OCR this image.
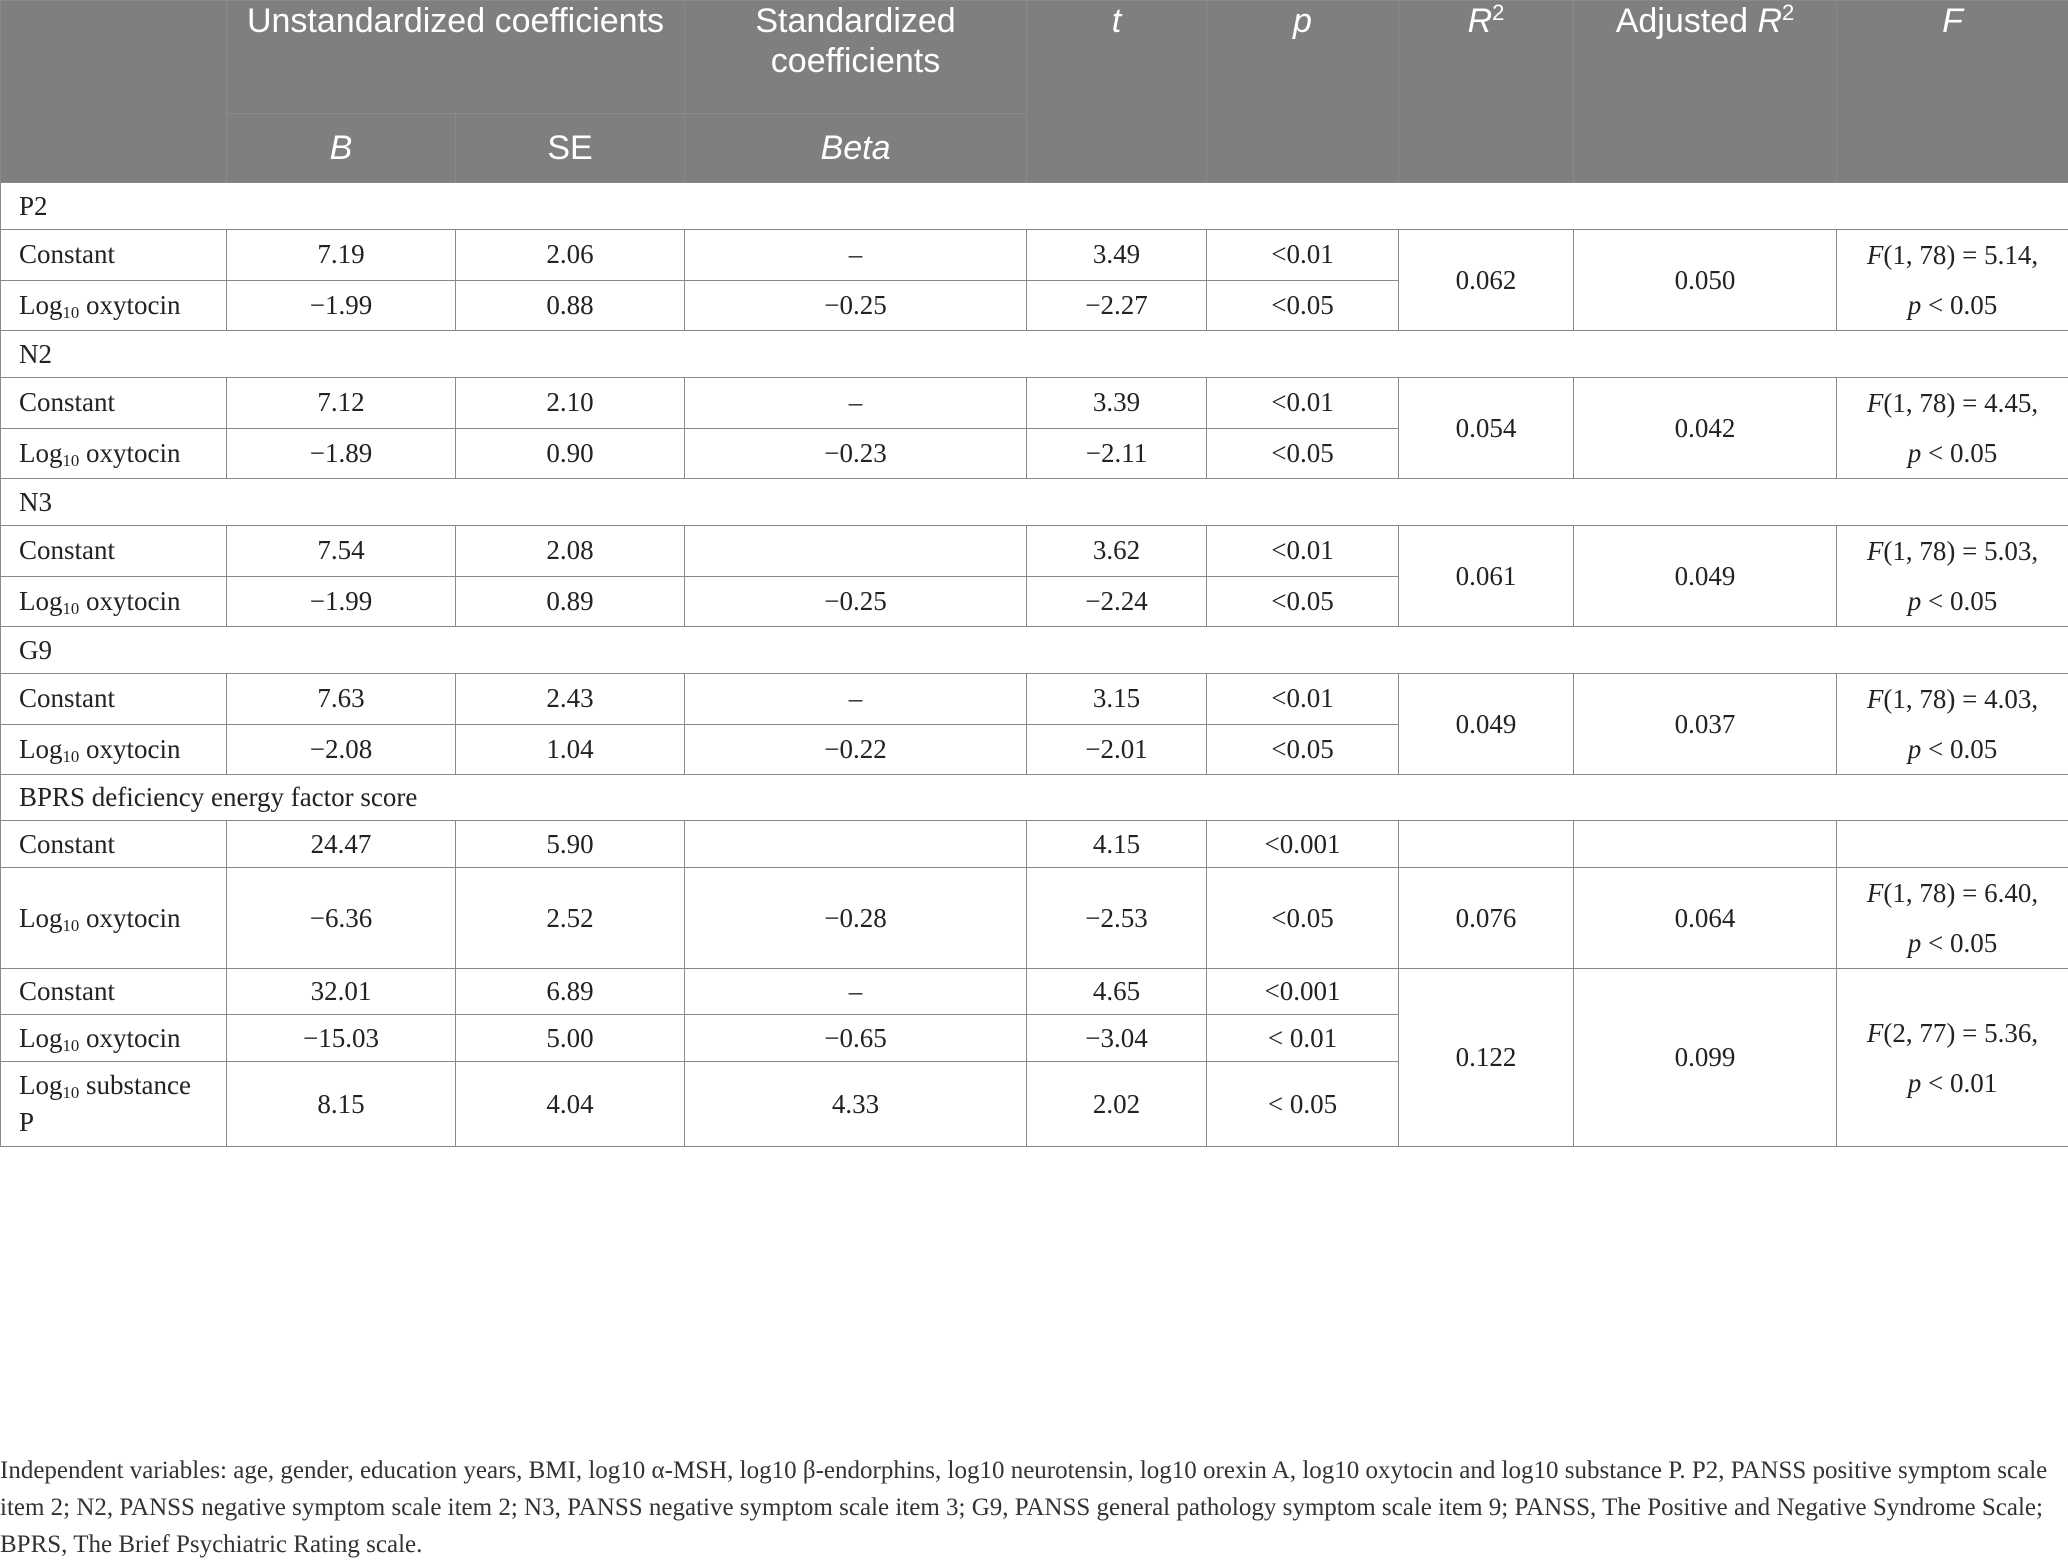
	Unstandardized coefficients		Standardized coefficients	t	p	$R^2$	Adjusted $R^2$	F
	B	SE	Beta					
P2								
Constant	7.19	2.06	–	3.49	<0.01	0.062	0.050	F(1, 78) = 5.14,
p < 0.05

Log$_{10}$ oxytocin	−1.99	0.88	−0.25	−2.27	<0.05			
N2								
Constant	7.12	2.10	–	3.39	<0.01	0.054	0.042	F(1, 78) = 4.45,
p < 0.05

Log$_{10}$ oxytocin	−1.89	0.90	−0.23	−2.11	<0.05			
N3								
Constant	7.54	2.08		3.62	<0.01	0.061	0.049	F(1, 78) = 5.03,
p < 0.05

Log$_{10}$ oxytocin	−1.99	0.89	−0.25	−2.24	<0.05			
G9								
Constant	7.63	2.43	–	3.15	<0.01	0.049	0.037	F(1, 78) = 4.03,
p < 0.05

Log$_{10}$ oxytocin	−2.08	1.04	−0.22	−2.01	<0.05			
BPRS deficiency energy factor score								
Constant	24.47	5.90		4.15	<0.001			
Log$_{10}$ oxytocin	−6.36	2.52	−0.28	−2.53	<0.05	0.076	0.064	F(1, 78) = 6.40,
p < 0.05

Constant	32.01	6.89	–	4.65	<0.001	0.122	0.099	F(2, 77) = 5.36,
p < 0.01

Log$_{10}$ oxytocin	−15.03	5.00	−0.65	−3.04	< 0.01			
Log$_{10}$ substance
P	8.15	4.04	4.33	2.02	< 0.05			
Independent variables: age, gender, education years, BMI, log10 α-MSH, log10 β-endorphins, log10 neurotensin, log10 orexin A, log10 oxytocin and log10 substance P. P2, PANSS positive symptom scale item 2; N2, PANSS negative symptom scale item 2; N3, PANSS negative symptom scale item 3; G9, PANSS general pathology symptom scale item 9; PANSS, The Positive and Negative Syndrome Scale; BPRS, The Brief Psychiatric Rating scale.
